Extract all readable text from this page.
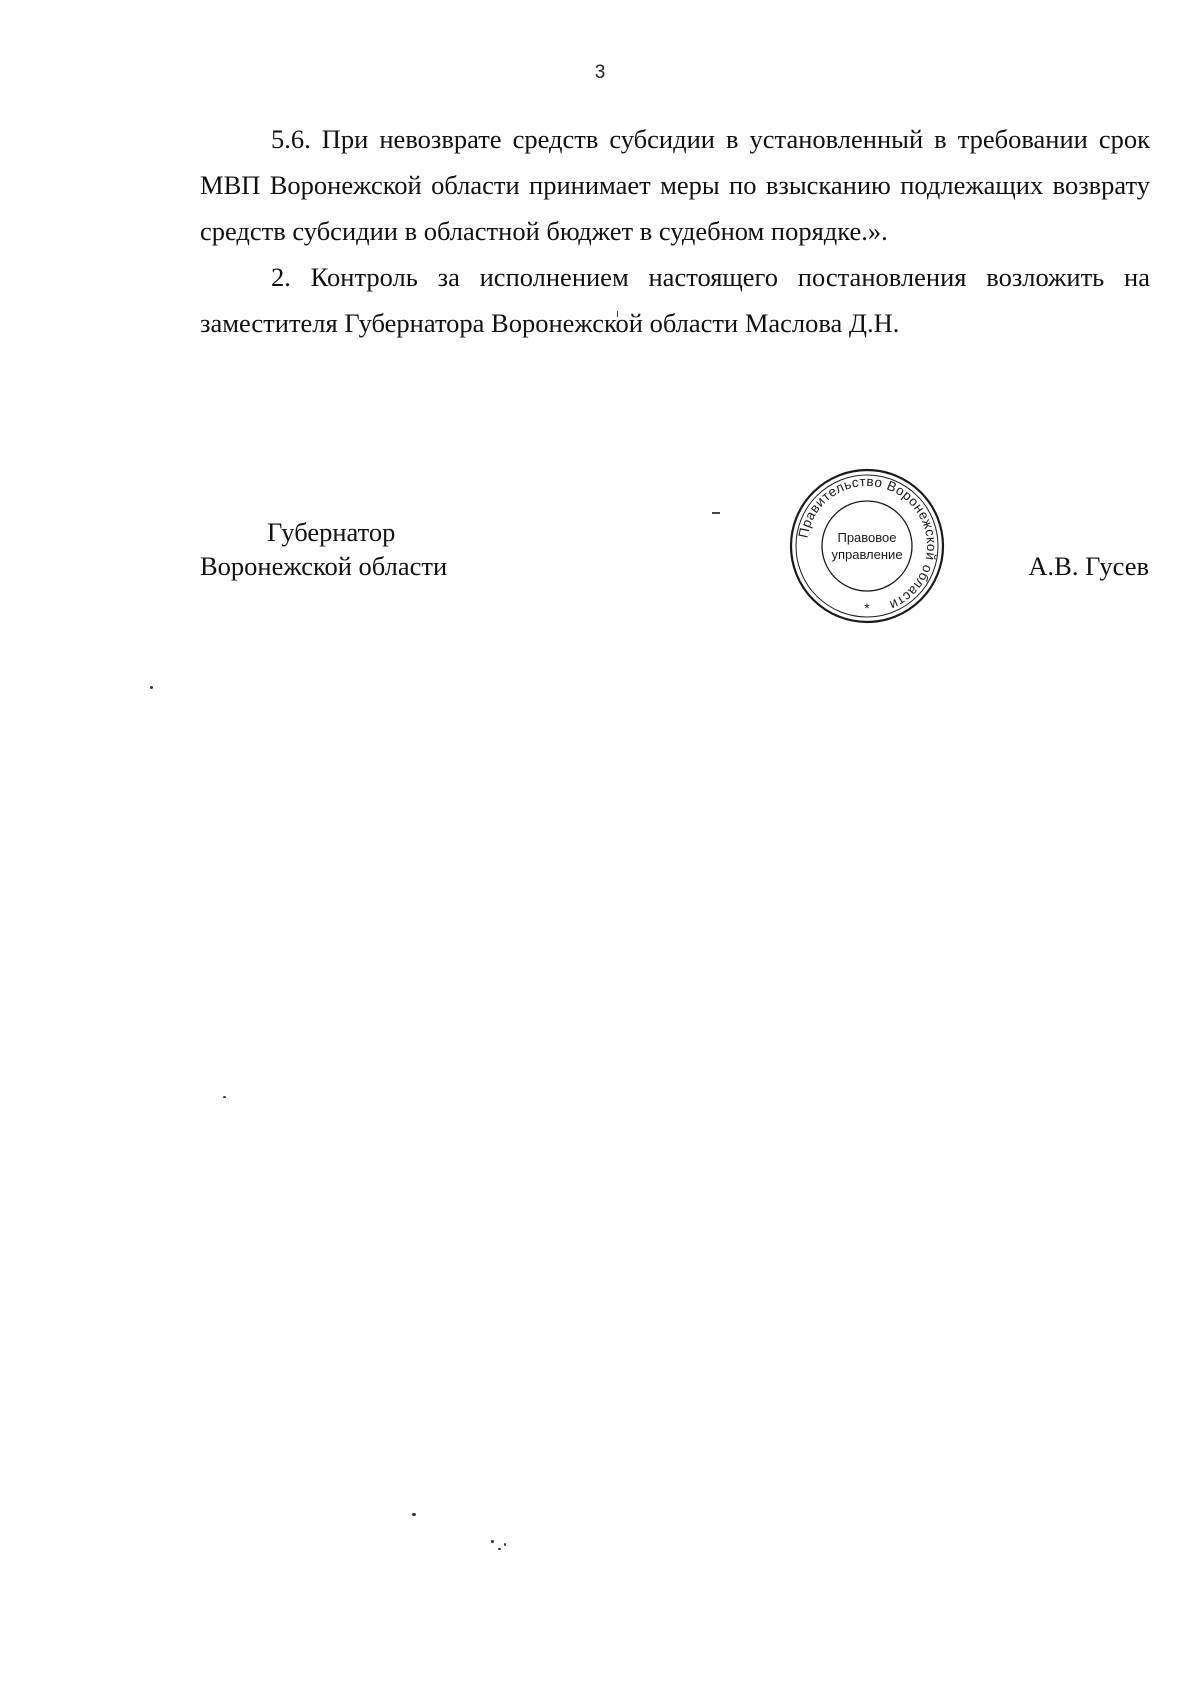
3

5.6. При невозврате средств субсидии в установленный в требовании срок МВП Воронежской области принимает меры по взысканию подлежащих возврату средств субсидии в областной бюджет в судебном порядке.».

2. Контроль за исполнением настоящего постановления возложить на заместителя Губернатора Воронежской области Маслова Д.Н.

Губернатор
Воронежской области
Правительство Воронежской области
Правовое
управление
*
А.В. Гусев
